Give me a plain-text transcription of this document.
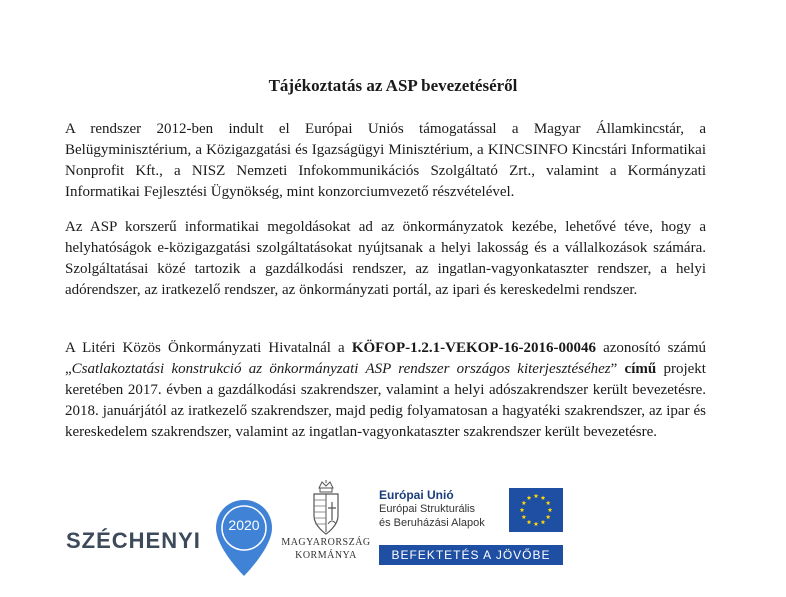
Tájékoztatás az ASP bevezetéséről

A rendszer 2012-ben indult el Európai Uniós támogatással a Magyar Államkincstár, a Belügyminisztérium, a Közigazgatási és Igazságügyi Minisztérium, a KINCSINFO Kincstári Informatikai Nonprofit Kft., a NISZ Nemzeti Infokommunikációs Szolgáltató Zrt., valamint a Kormányzati Informatikai Fejlesztési Ügynökség, mint konzorciumvezető részvételével.

Az ASP korszerű informatikai megoldásokat ad az önkormányzatok kezébe, lehetővé téve, hogy a helyhatóságok e-közigazgatási szolgáltatásokat nyújtsanak a helyi lakosság és a vállalkozások számára. Szolgáltatásai közé tartozik a gazdálkodási rendszer, az ingatlan-vagyonkataszter rendszer, a helyi adórendszer, az iratkezelő rendszer, az önkormányzati portál, az ipari és kereskedelmi rendszer.

A Litéri Közös Önkormányzati Hivatalnál a KÖFOP-1.2.1-VEKOP-16-2016-00046 azonosító számú „Csatlakoztatási konstrukció az önkormányzati ASP rendszer országos kiterjesztéséhez” című projekt keretében 2017. évben a gazdálkodási szakrendszer, valamint a helyi adószakrendszer került bevezetésre. 2018. januárjától az iratkezelő szakrendszer, majd pedig folyamatosan a hagyatéki szakrendszer, az ipar és kereskedelem szakrendszer, valamint az ingatlan-vagyonkataszter szakrendszer került bevezetésre.

SZÉCHENYI
2020
MAGYARORSZÁG
KORMÁNYA
Európai Unió
Európai Strukturális
és Beruházási Alapok
BEFEKTETÉS A JÖVŐBE
